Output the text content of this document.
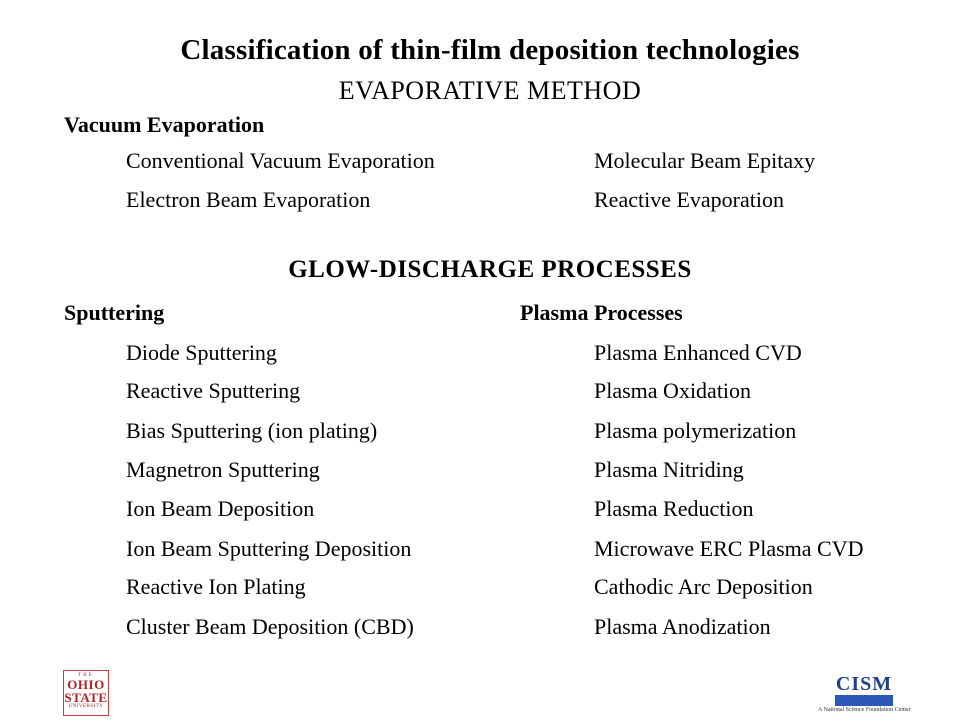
Classification of thin-film deposition technologies
EVAPORATIVE METHOD
Vacuum Evaporation
Conventional Vacuum Evaporation
Electron Beam Evaporation
Molecular Beam Epitaxy
Reactive Evaporation
GLOW-DISCHARGE PROCESSES
Sputtering	Plasma Processes
Diode Sputtering
Reactive Sputtering
Bias Sputtering (ion plating)
Magnetron Sputtering
Ion Beam Deposition
Ion Beam Sputtering Deposition
Reactive Ion Plating
Cluster Beam Deposition (CBD)
Plasma Enhanced CVD
Plasma Oxidation
Plasma polymerization
Plasma Nitriding
Plasma Reduction
Microwave ERC Plasma CVD
Cathodic Arc Deposition
Plasma Anodization
THE
OHIO
STATE
UNIVERSITY
CISM
A National Science Foundation Center
